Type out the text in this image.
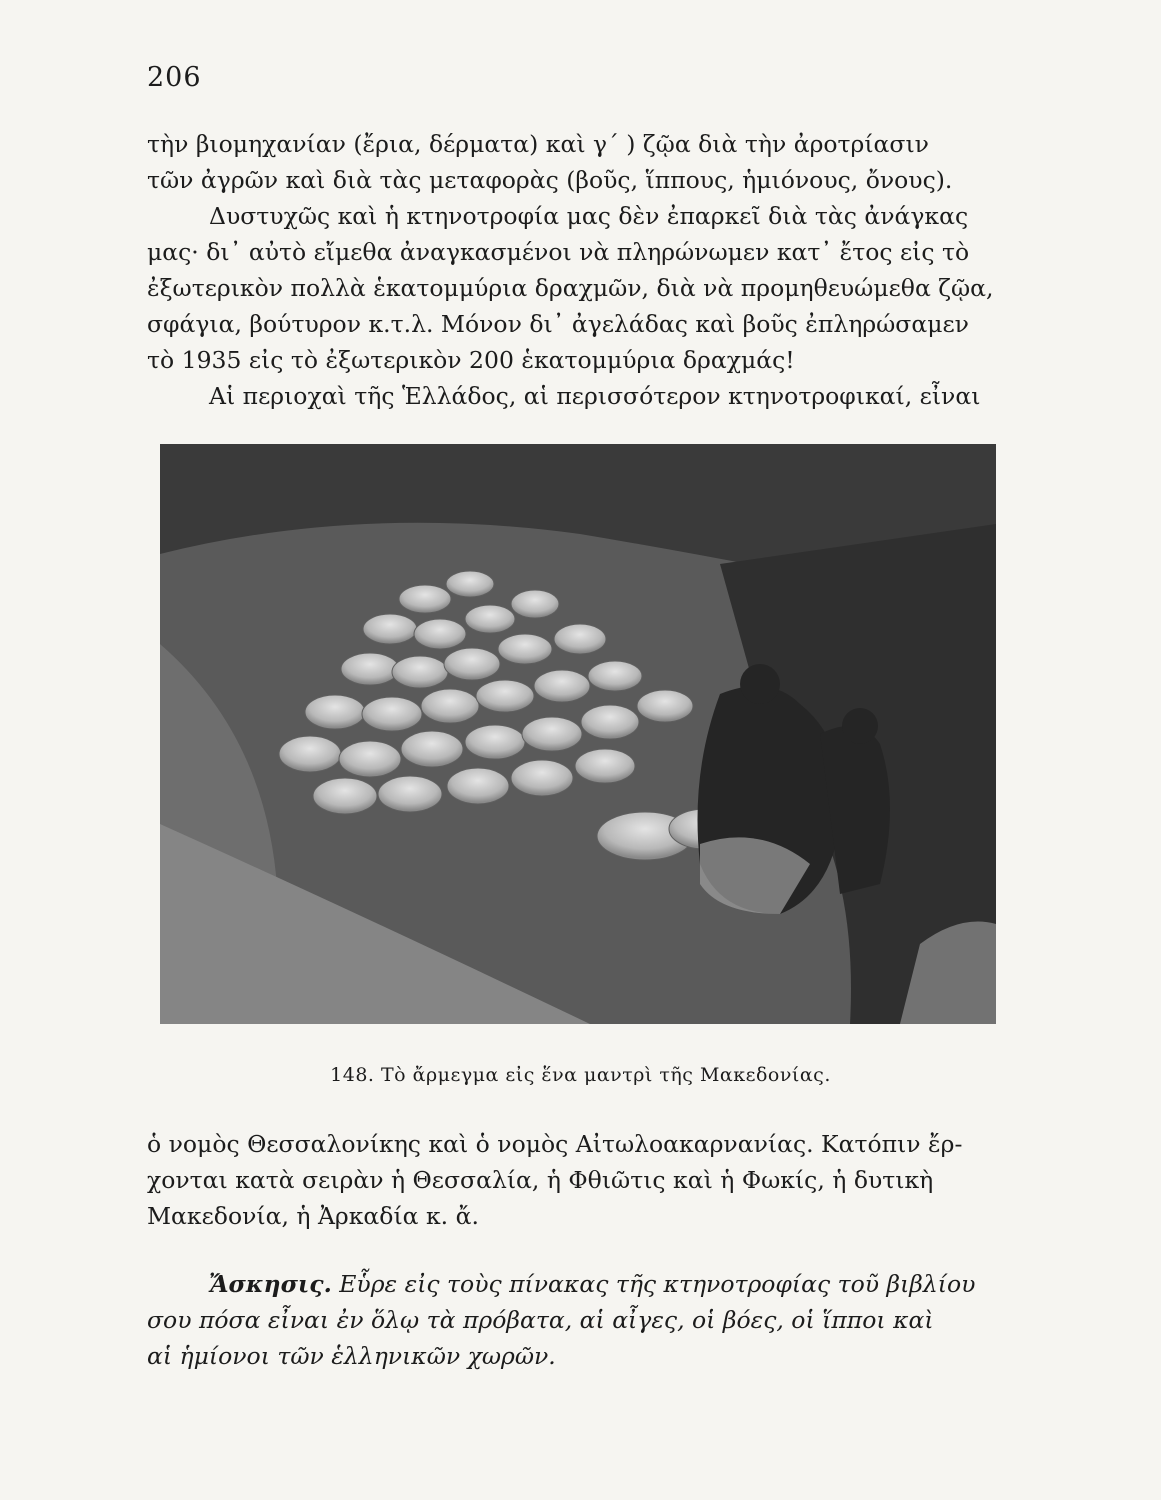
206

τὴν βιομηχανίαν (ἔρια, δέρματα) καὶ γ΄ ) ζῷα διὰ τὴν ἀροτρίασιν
τῶν ἀγρῶν καὶ διὰ τὰς μεταφορὰς (βοῦς, ἵππους, ἡμιόνους, ὄνους).
Δυστυχῶς καὶ ἡ κτηνοτροφία μας δὲν ἐπαρκεῖ διὰ τὰς ἀνάγκας
μας· δι᾿ αὐτὸ εἴμεθα ἀναγκασμένοι νὰ πληρώνωμεν κατ᾿ ἔτος εἰς τὸ
ἐξωτερικὸν πολλὰ ἑκατομμύρια δραχμῶν, διὰ νὰ προμηθευώμεθα ζῷα,
σφάγια, βούτυρον κ.τ.λ. Μόνον δι᾿ ἀγελάδας καὶ βοῦς ἐπληρώσαμεν
τὸ 1935 εἰς τὸ ἐξωτερικὸν 200 ἑκατομμύρια δραχμάς!
Αἱ περιοχαὶ τῆς Ἑλλάδος, αἱ περισσότερον κτηνοτροφικαί, εἶναι

148. Τὸ ἄρμεγμα εἰς ἕνα μαντρὶ τῆς Μακεδονίας.

ὁ νομὸς Θεσσαλονίκης καὶ ὁ νομὸς Αἰτωλοακαρνανίας. Κατόπιν ἔρ-
χονται κατὰ σειρὰν ἡ Θεσσαλία, ἡ Φθιῶτις καὶ ἡ Φωκίς, ἡ δυτικὴ
Μακεδονία, ἡ Ἀρκαδία κ. ἄ.

Ἄσκησις. Εὗρε εἰς τοὺς πίνακας τῆς κτηνοτροφίας τοῦ βιβλίου
σου πόσα εἶναι ἐν ὅλῳ τὰ πρόβατα, αἱ αἶγες, οἱ βόες, οἱ ἵπποι καὶ
αἱ ἡμίονοι τῶν ἑλληνικῶν χωρῶν.
